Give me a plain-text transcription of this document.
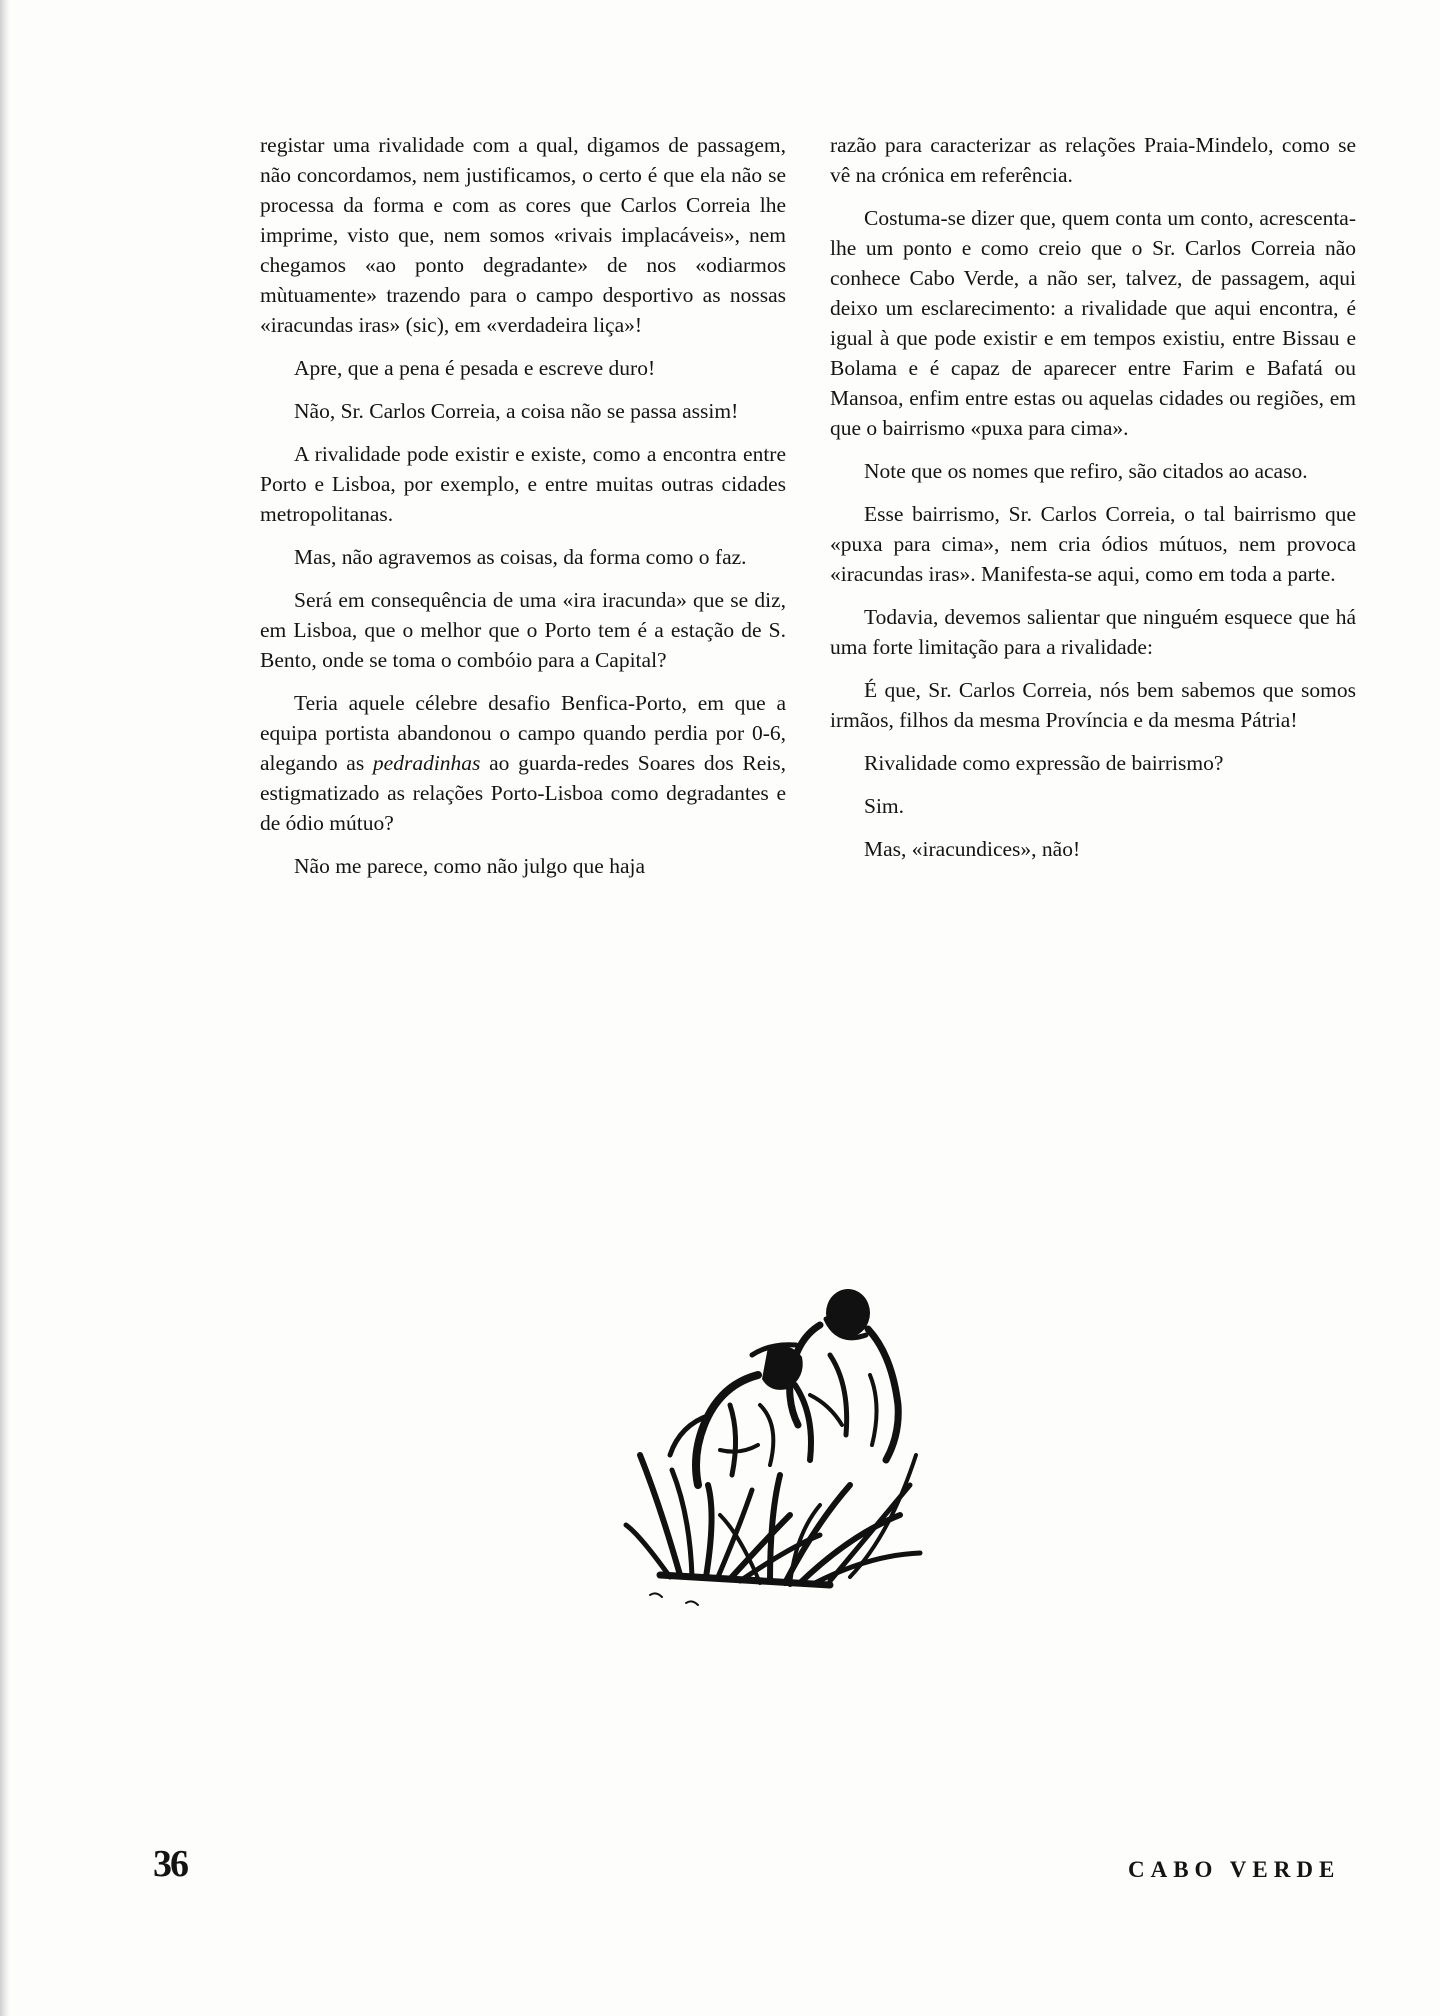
registar uma rivalidade com a qual, digamos de passagem, não concordamos, nem justificamos, o certo é que ela não se processa da forma e com as cores que Carlos Correia lhe imprime, visto que, nem somos «rivais implacáveis», nem chegamos «ao ponto degradante» de nos «odiarmos mùtuamente» trazendo para o campo desportivo as nossas «iracundas iras» (sic), em «verdadeira liça»!

Apre, que a pena é pesada e escreve duro!

Não, Sr. Carlos Correia, a coisa não se passa assim!

A rivalidade pode existir e existe, como a encontra entre Porto e Lisboa, por exemplo, e entre muitas outras cidades metropolitanas.

Mas, não agravemos as coisas, da forma como o faz.

Será em consequência de uma «ira iracunda» que se diz, em Lisboa, que o melhor que o Porto tem é a estação de S. Bento, onde se toma o combóio para a Capital?

Teria aquele célebre desafio Benfica-Porto, em que a equipa portista abandonou o campo quando perdia por 0-6, alegando as pedradinhas ao guarda-redes Soares dos Reis, estigmatizado as relações Porto-Lisboa como degradantes e de ódio mútuo?

Não me parece, como não julgo que haja

razão para caracterizar as relações Praia-Mindelo, como se vê na crónica em referência.

Costuma-se dizer que, quem conta um conto, acrescenta-lhe um ponto e como creio que o Sr. Carlos Correia não conhece Cabo Verde, a não ser, talvez, de passagem, aqui deixo um esclarecimento: a rivalidade que aqui encontra, é igual à que pode existir e em tempos existiu, entre Bissau e Bolama e é capaz de aparecer entre Farim e Bafatá ou Mansoa, enfim entre estas ou aquelas cidades ou regiões, em que o bairrismo «puxa para cima».

Note que os nomes que refiro, são citados ao acaso.

Esse bairrismo, Sr. Carlos Correia, o tal bairrismo que «puxa para cima», nem cria ódios mútuos, nem provoca «iracundas iras». Manifesta-se aqui, como em toda a parte.

Todavia, devemos salientar que ninguém esquece que há uma forte limitação para a rivalidade:

É que, Sr. Carlos Correia, nós bem sabemos que somos irmãos, filhos da mesma Província e da mesma Pátria!

Rivalidade como expressão de bairrismo?

Sim.

Mas, «iracundices», não!

36	CABO VERDE
